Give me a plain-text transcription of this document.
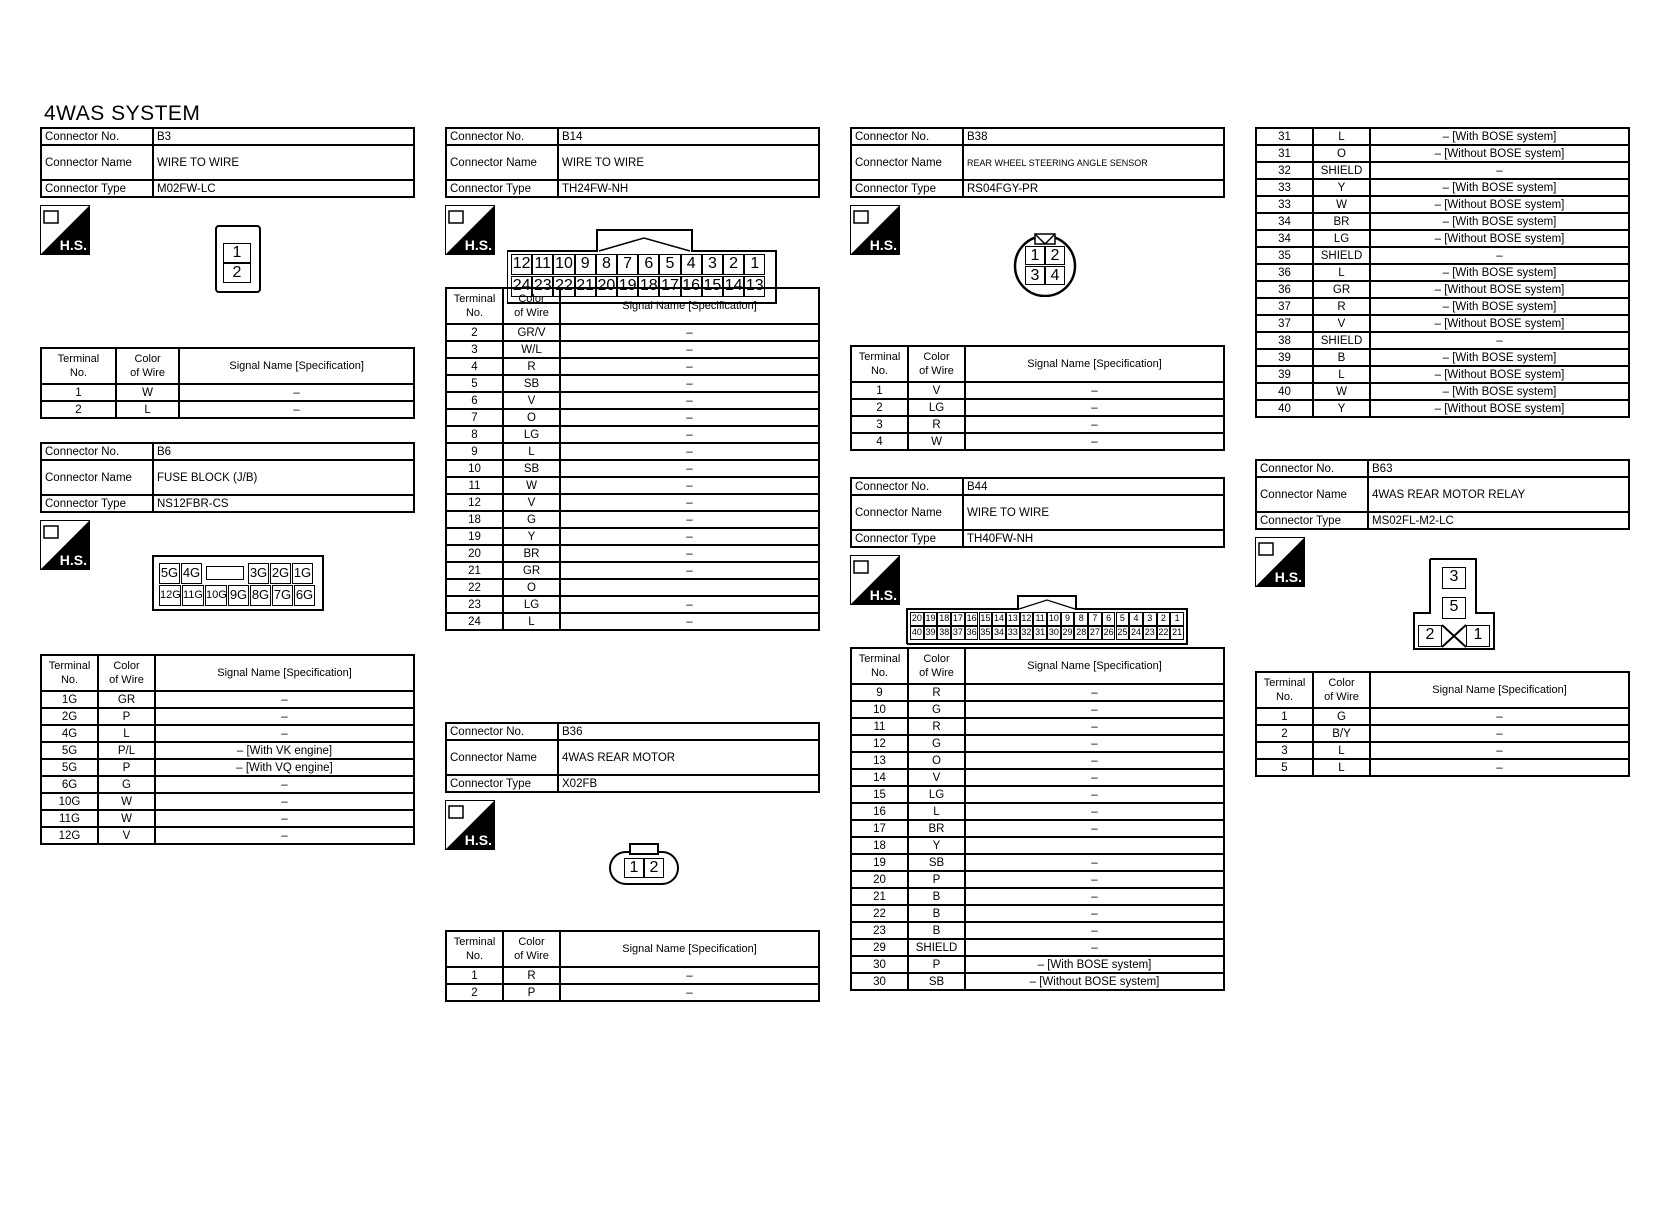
4WAS SYSTEM
Connector No.	B3
Connector Name	WIRE TO WIRE
Connector Type	M02FW-LC
H.S.	1
2
Terminal
No.	Color
of Wire	Signal Name [Specification]
1	W	–
2	L	–
Connector No.	B6
Connector Name	FUSE BLOCK (J/B)
Connector Type	NS12FBR-CS
H.S.
5G 4G	3G 2G 1G
12G 11G 10G 9G 8G 7G 6G
Terminal
No.	Color
of Wire	Signal Name [Specification]
1G	GR	–
2G	P	–
4G	L	–
5G	P/L	– [With VK engine]
5G	P	– [With VQ engine]
6G	G	–
10G	W	–
11G	W	–
12G	V	–
Connector No.	B14
Connector Name	WIRE TO WIRE
Connector Type	TH24FW-NH
H.S.
12 11 10 9 8 7 6 5 4 3 2 1
24 23 22 21 20 19 18 17 16 15 14 13
Terminal
No.	Color
of Wire	Signal Name [Specification]
2	GR/V	–
3	W/L	–
4	R	–
5	SB	–
6	V	–
7	O	–
8	LG	–
9	L	–
10	SB	–
11	W	–
12	V	–
18	G	–
19	Y	–
20	BR	–
21	GR	–
22	O	
23	LG	–
24	L	–
Connector No.	B36
Connector Name	4WAS REAR MOTOR
Connector Type	X02FB
H.S.
1 2
Terminal
No.	Color
of Wire	Signal Name [Specification]
1	R	–
2	P	–
Connector No.	B38
Connector Name	REAR WHEEL STEERING ANGLE SENSOR
Connector Type	RS04FGY-PR
H.S.
1 2
3 4
Terminal
No.	Color
of Wire	Signal Name [Specification]
1	V	–
2	LG	–
3	R	–
4	W	–
Connector No.	B44
Connector Name	WIRE TO WIRE
Connector Type	TH40FW-NH
H.S.
20 19 18 17 16 15 14 13 12 11 10 9 8 7 6 5 4 3 2 1
40 39 38 37 36 35 34 33 32 31 30 29 28 27 26 25 24 23 22 21
Terminal
No.	Color
of Wire	Signal Name [Specification]
9	R	–
10	G	–
11	R	–
12	G	–
13	O	–
14	V	–
15	LG	–
16	L	–
17	BR	–
18	Y	
19	SB	–
20	P	–
21	B	–
22	B	–
23	B	–
29	SHIELD	–
30	P	– [With BOSE system]
30	SB	– [Without BOSE system]
31	L	– [With BOSE system]
31	O	– [Without BOSE system]
32	SHIELD	–
33	Y	– [With BOSE system]
33	W	– [Without BOSE system]
34	BR	– [With BOSE system]
34	LG	– [Without BOSE system]
35	SHIELD	–
36	L	– [With BOSE system]
36	GR	– [Without BOSE system]
37	R	– [With BOSE system]
37	V	– [Without BOSE system]
38	SHIELD	–
39	B	– [With BOSE system]
39	L	– [Without BOSE system]
40	W	– [With BOSE system]
40	Y	– [Without BOSE system]
Connector No.	B63
Connector Name	4WAS REAR MOTOR RELAY
Connector Type	MS02FL-M2-LC
H.S.	3
5
2	1
Terminal
No.	Color
of Wire	Signal Name [Specification]
1	G	–
2	B/Y	–
3	L	–
5	L	–
